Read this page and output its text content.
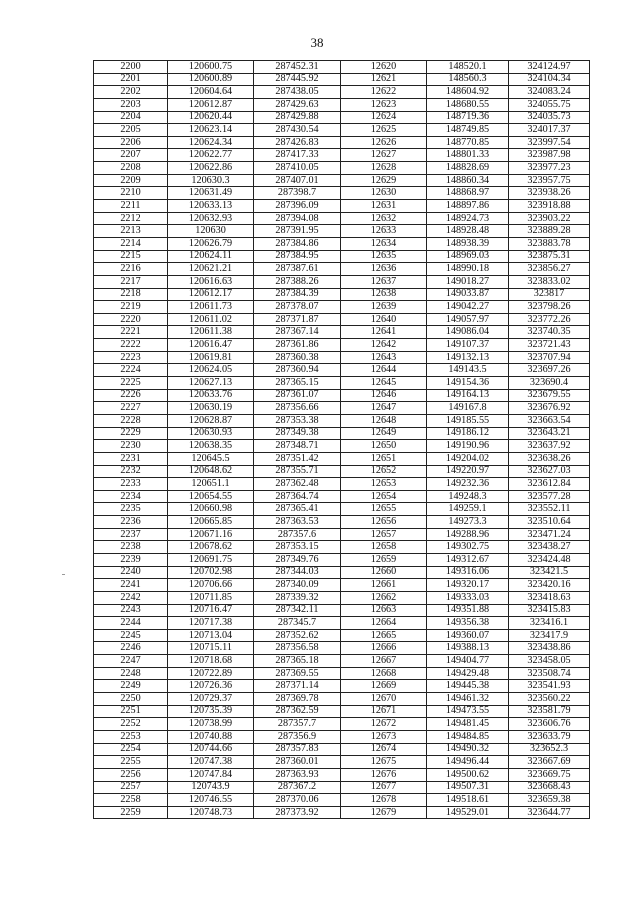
38
2200	120600.75	287452.31	12620	148520.1	324124.97
2201	120600.89	287445.92	12621	148560.3	324104.34
2202	120604.64	287438.05	12622	148604.92	324083.24
2203	120612.87	287429.63	12623	148680.55	324055.75
2204	120620.44	287429.88	12624	148719.36	324035.73
2205	120623.14	287430.54	12625	148749.85	324017.37
2206	120624.34	287426.83	12626	148770.85	323997.54
2207	120622.77	287417.33	12627	148801.33	323987.98
2208	120622.86	287410.05	12628	148828.69	323977.23
2209	120630.3	287407.01	12629	148860.34	323957.75
2210	120631.49	287398.7	12630	148868.97	323938.26
2211	120633.13	287396.09	12631	148897.86	323918.88
2212	120632.93	287394.08	12632	148924.73	323903.22
2213	120630	287391.95	12633	148928.48	323889.28
2214	120626.79	287384.86	12634	148938.39	323883.78
2215	120624.11	287384.95	12635	148969.03	323875.31
2216	120621.21	287387.61	12636	148990.18	323856.27
2217	120616.63	287388.26	12637	149018.27	323833.02
2218	120612.17	287384.39	12638	149033.87	323817
2219	120611.73	287378.07	12639	149042.27	323798.26
2220	120611.02	287371.87	12640	149057.97	323772.26
2221	120611.38	287367.14	12641	149086.04	323740.35
2222	120616.47	287361.86	12642	149107.37	323721.43
2223	120619.81	287360.38	12643	149132.13	323707.94
2224	120624.05	287360.94	12644	149143.5	323697.26
2225	120627.13	287365.15	12645	149154.36	323690.4
2226	120633.76	287361.07	12646	149164.13	323679.55
2227	120630.19	287356.66	12647	149167.8	323676.92
2228	120628.87	287353.38	12648	149185.55	323663.54
2229	120630.93	287349.38	12649	149186.12	323643.21
2230	120638.35	287348.71	12650	149190.96	323637.92
2231	120645.5	287351.42	12651	149204.02	323638.26
2232	120648.62	287355.71	12652	149220.97	323627.03
2233	120651.1	287362.48	12653	149232.36	323612.84
2234	120654.55	287364.74	12654	149248.3	323577.28
2235	120660.98	287365.41	12655	149259.1	323552.11
2236	120665.85	287363.53	12656	149273.3	323510.64
2237	120671.16	287357.6	12657	149288.96	323471.24
2238	120678.62	287353.15	12658	149302.75	323438.27
2239	120691.75	287349.76	12659	149312.67	323424.48
2240	120702.98	287344.03	12660	149316.06	323421.5
2241	120706.66	287340.09	12661	149320.17	323420.16
2242	120711.85	287339.32	12662	149333.03	323418.63
2243	120716.47	287342.11	12663	149351.88	323415.83
2244	120717.38	287345.7	12664	149356.38	323416.1
2245	120713.04	287352.62	12665	149360.07	323417.9
2246	120715.11	287356.58	12666	149388.13	323438.86
2247	120718.68	287365.18	12667	149404.77	323458.05
2248	120722.89	287369.55	12668	149429.48	323508.74
2249	120726.36	287371.14	12669	149445.38	323541.93
2250	120729.37	287369.78	12670	149461.32	323560.22
2251	120735.39	287362.59	12671	149473.55	323581.79
2252	120738.99	287357.7	12672	149481.45	323606.76
2253	120740.88	287356.9	12673	149484.85	323633.79
2254	120744.66	287357.83	12674	149490.32	323652.3
2255	120747.38	287360.01	12675	149496.44	323667.69
2256	120747.84	287363.93	12676	149500.62	323669.75
2257	120743.9	287367.2	12677	149507.31	323668.43
2258	120746.55	287370.06	12678	149518.61	323659.38
2259	120748.73	287373.92	12679	149529.01	323644.77
